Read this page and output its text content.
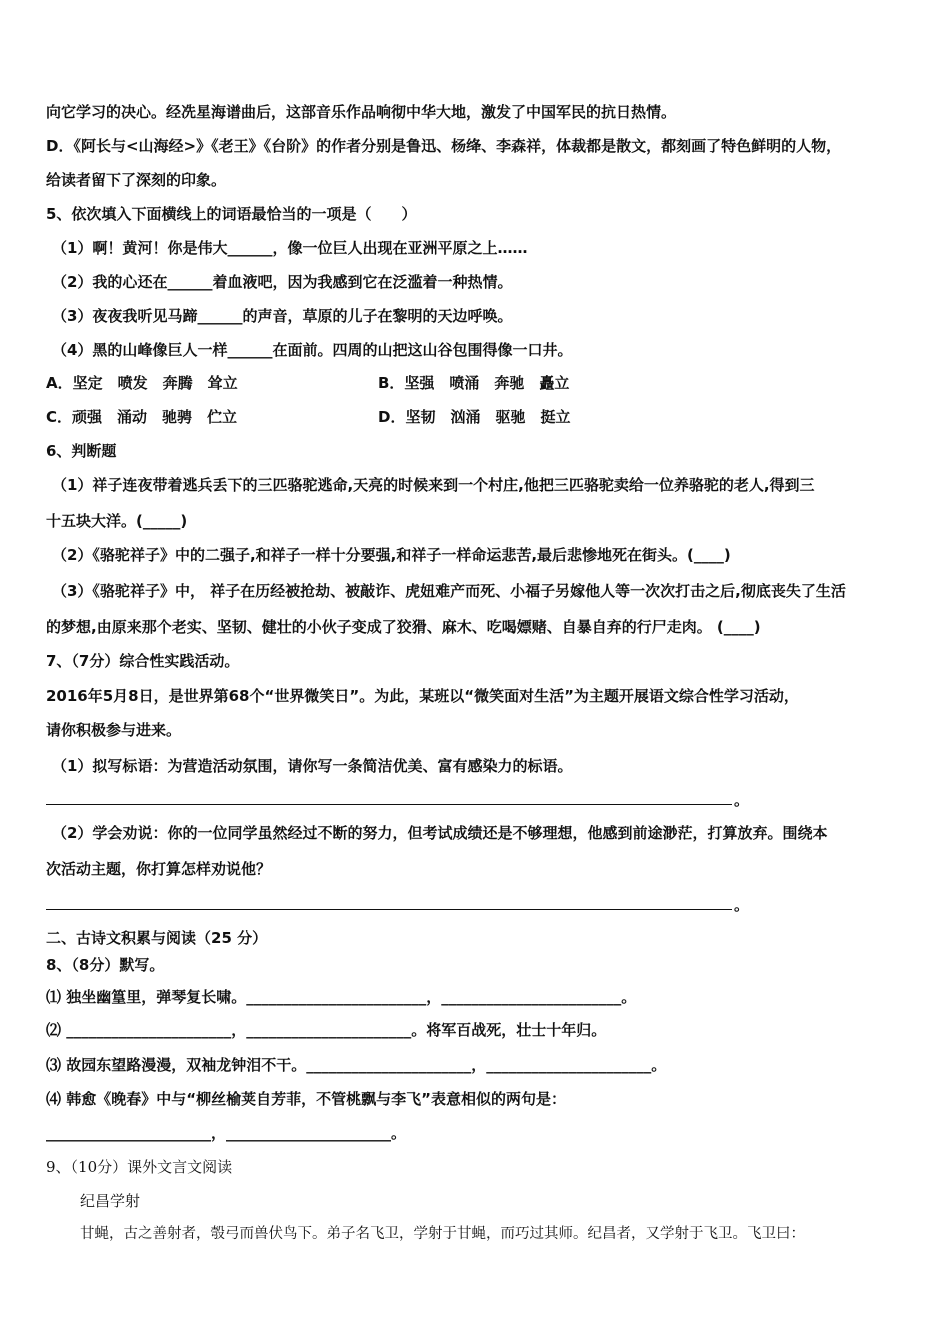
向它学习的决心。经冼星海谱曲后，这部音乐作品响彻中华大地，激发了中国军民的抗日热情。
D．《阿长与<山海经>》《老王》《台阶》的作者分别是鲁迅、杨绛、李森祥，体裁都是散文，都刻画了特色鲜明的人物，
给读者留下了深刻的印象。
5、依次填入下面横线上的词语最恰当的一项是（　　）
（1）啊！黄河！你是伟大______，像一位巨人出现在亚洲平原之上……
（2）我的心还在______着血液吧，因为我感到它在泛滥着一种热情。
（3）夜夜我听见马蹄______的声音，草原的儿子在黎明的天边呼唤。
（4）黑的山峰像巨人一样______在面前。四周的山把这山谷包围得像一口井。
A．坚定　喷发　奔腾　耸立	B．坚强　喷涌　奔驰　矗立
C．顽强　涌动　驰骋　伫立	D．坚韧　汹涌　驱驰　挺立
6、判断题
（1）祥子连夜带着逃兵丢下的三匹骆驼逃命,天亮的时候来到一个村庄,他把三匹骆驼卖给一位养骆驼的老人,得到三
十五块大洋。(_____)
（2）《骆驼祥子》中的二强子,和祥子一样十分要强,和祥子一样命运悲苦,最后悲惨地死在街头。(____)
（3）《骆驼祥子》中， 祥子在历经被抢劫、被敲诈、虎妞难产而死、小福子另嫁他人等一次次打击之后,彻底丧失了生活
的梦想,由原来那个老实、坚韧、健壮的小伙子变成了狡猾、麻木、吃喝嫖赌、自暴自弃的行尸走肉。 (____)
7、（7分）综合性实践活动。
2016年5月8日，是世界第68个“世界微笑日”。为此，某班以“微笑面对生活”为主题开展语文综合性学习活动，
请你积极参与进来。
（1）拟写标语：为营造活动氛围，请你写一条简洁优美、富有感染力的标语。
。
（2）学会劝说：你的一位同学虽然经过不断的努力，但考试成绩还是不够理想，他感到前途渺茫，打算放弃。围绕本
次活动主题，你打算怎样劝说他？
。
二、古诗文积累与阅读（25 分）
8、（8分）默写。
⑴ 独坐幽篁里，弹琴复长啸。________________________，________________________。
⑵ ______________________，______________________。将军百战死，壮士十年归。
⑶ 故园东望路漫漫，双袖龙钟泪不干。______________________，______________________。
⑷ 韩愈《晚春》中与“柳丝榆荚自芳菲，不管桃飘与李飞”表意相似的两句是：
______________________，______________________。
9、（10分）课外文言文阅读
纪昌学射
甘蝇，古之善射者，彀弓而兽伏鸟下。弟子名飞卫，学射于甘蝇，而巧过其师。纪昌者，又学射于飞卫。飞卫曰：
